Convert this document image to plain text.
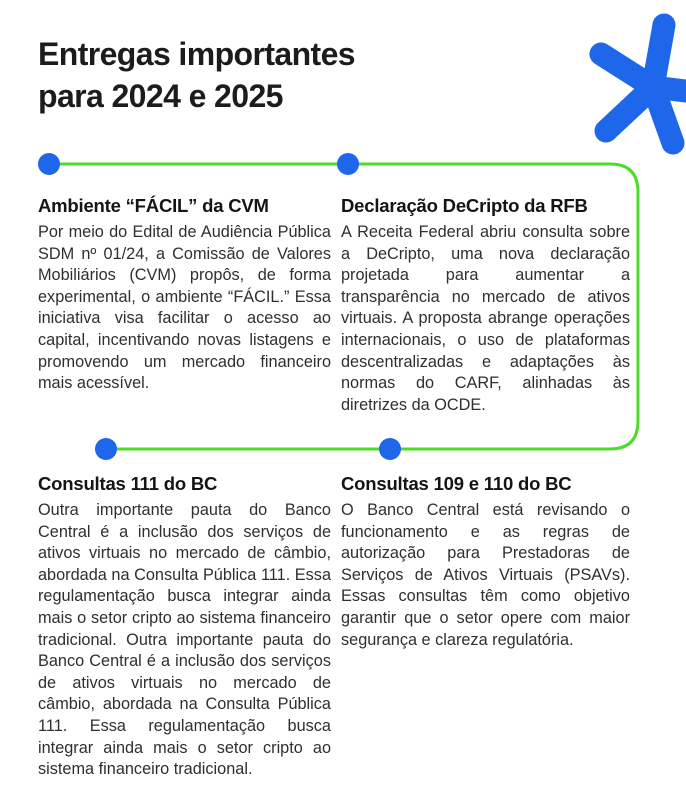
Entregas importantes
para 2024 e 2025
Ambiente “FÁCIL” da CVM

Por meio do Edital de Audiência Pública SDM nº 01/24, a Comissão de Valores Mobiliários (CVM) propôs, de forma experimental, o ambiente “FÁCIL.” Essa iniciativa visa facilitar o acesso ao capital, incentivando novas listagens e promovendo um mercado financeiro mais acessível.

Declaração DeCripto da RFB

A Receita Federal abriu consulta sobre a DeCripto, uma nova declaração projetada para aumentar a transparência no mercado de ativos virtuais. A proposta abrange operações internacionais, o uso de plataformas descentralizadas e adaptações às normas do CARF, alinhadas às diretrizes da OCDE.

Consultas 111 do BC

Outra importante pauta do Banco Central é a inclusão dos serviços de ativos virtuais no mercado de câmbio, abordada na Consulta Pública 111. Essa regulamentação busca integrar ainda mais o setor cripto ao sistema financeiro tradicional. Outra importante pauta do Banco Central é a inclusão dos serviços de ativos virtuais no mercado de câmbio, abordada na Consulta Pública 111. Essa regulamentação busca integrar ainda mais o setor cripto ao sistema financeiro tradicional.

Consultas 109 e 110 do BC

O Banco Central está revisando o funcionamento e as regras de autorização para Prestadoras de Serviços de Ativos Virtuais (PSAVs). Essas consultas têm como objetivo garantir que o setor opere com maior segurança e clareza regulatória.
